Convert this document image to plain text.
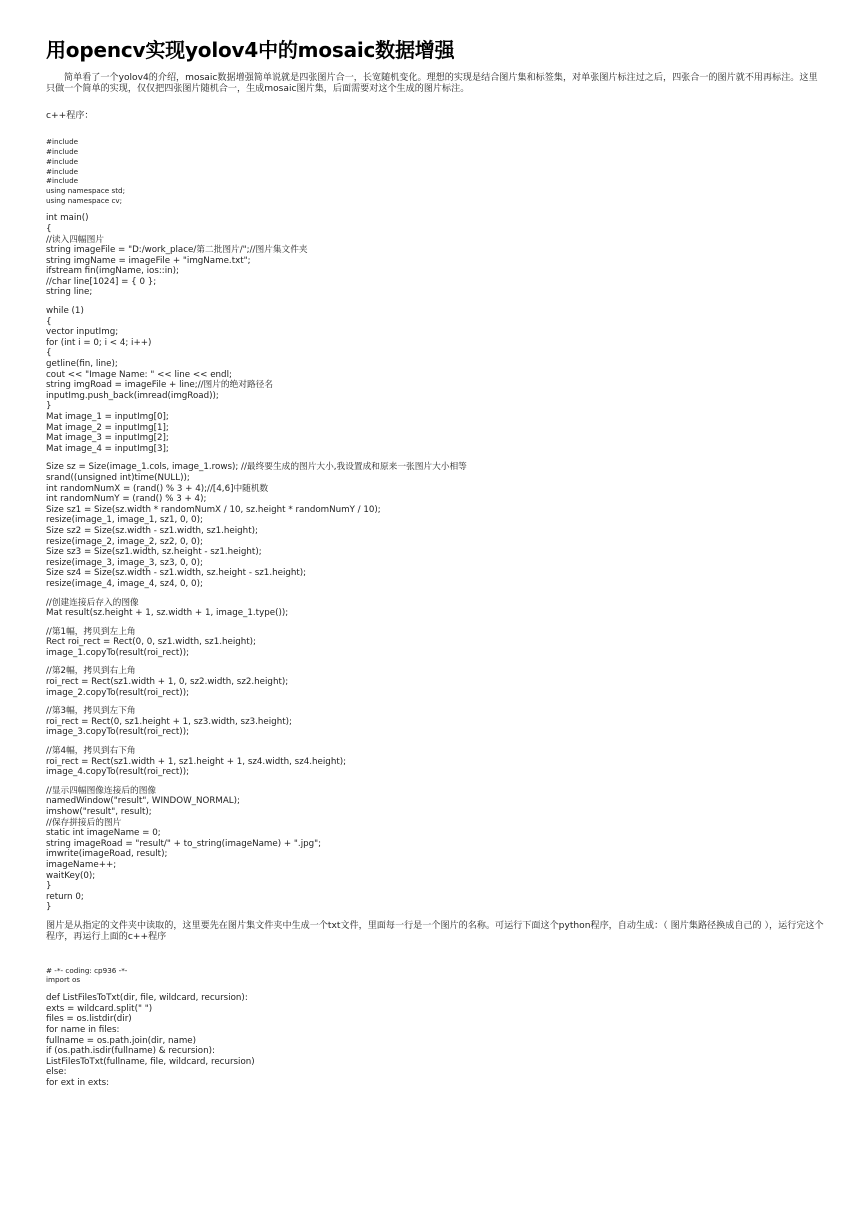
用opencv实现yolov4中的mosaic数据增强

简单看了一个yolov4的介绍，mosaic数据增强简单说就是四张图片合一，长宽随机变化。理想的实现是结合图片集和标签集，对单张图片标注过之后，四张合一的图片就不用再标注。这里只做一个简单的实现，仅仅把四张图片随机合一，生成mosaic图片集，后面需要对这个生成的图片标注。

c++程序：

#include
#include
#include
#include
#include
using namespace std;
using namespace cv;
int main()
{
//读入四幅图片
string imageFile = "D:/work_place/第二批图片/";//图片集文件夹
string imgName = imageFile + "imgName.txt";
ifstream fin(imgName, ios::in);
//char line[1024] = { 0 };
string line;
while (1)
{
vector inputImg;
for (int i = 0; i < 4; i++)
{
getline(fin, line);
cout << "Image Name: " << line << endl;
string imgRoad = imageFile + line;//图片的绝对路径名
inputImg.push_back(imread(imgRoad));
}
Mat image_1 = inputImg[0];
Mat image_2 = inputImg[1];
Mat image_3 = inputImg[2];
Mat image_4 = inputImg[3];
Size sz = Size(image_1.cols, image_1.rows); //最终要生成的图片大小,我设置成和原来一张图片大小相等
srand((unsigned int)time(NULL));
int randomNumX = (rand() % 3 + 4);//[4,6]中随机数
int randomNumY = (rand() % 3 + 4);
Size sz1 = Size(sz.width * randomNumX / 10, sz.height * randomNumY / 10);
resize(image_1, image_1, sz1, 0, 0);
Size sz2 = Size(sz.width - sz1.width, sz1.height);
resize(image_2, image_2, sz2, 0, 0);
Size sz3 = Size(sz1.width, sz.height - sz1.height);
resize(image_3, image_3, sz3, 0, 0);
Size sz4 = Size(sz.width - sz1.width, sz.height - sz1.height);
resize(image_4, image_4, sz4, 0, 0);
//创建连接后存入的图像
Mat result(sz.height + 1, sz.width + 1, image_1.type());
//第1幅，拷贝到左上角
Rect roi_rect = Rect(0, 0, sz1.width, sz1.height);
image_1.copyTo(result(roi_rect));
//第2幅，拷贝到右上角
roi_rect = Rect(sz1.width + 1, 0, sz2.width, sz2.height);
image_2.copyTo(result(roi_rect));
//第3幅，拷贝到左下角
roi_rect = Rect(0, sz1.height + 1, sz3.width, sz3.height);
image_3.copyTo(result(roi_rect));
//第4幅，拷贝到右下角
roi_rect = Rect(sz1.width + 1, sz1.height + 1, sz4.width, sz4.height);
image_4.copyTo(result(roi_rect));
//显示四幅图像连接后的图像
namedWindow("result", WINDOW_NORMAL);
imshow("result", result);
//保存拼接后的图片
static int imageName = 0;
string imageRoad = "result/" + to_string(imageName) + ".jpg";
imwrite(imageRoad, result);
imageName++;
waitKey(0);
}
return 0;
}

图片是从指定的文件夹中读取的，这里要先在图片集文件夹中生成一个txt文件，里面每一行是一个图片的名称。可运行下面这个python程序，自动生成：（ 图片集路径换成自己的 ），运行完这个程序，再运行上面的c++程序

# -*- coding: cp936 -*-
import os
def ListFilesToTxt(dir, file, wildcard, recursion):
exts = wildcard.split(" ")
files = os.listdir(dir)
for name in files:
fullname = os.path.join(dir, name)
if (os.path.isdir(fullname) & recursion):
ListFilesToTxt(fullname, file, wildcard, recursion)
else:
for ext in exts:
